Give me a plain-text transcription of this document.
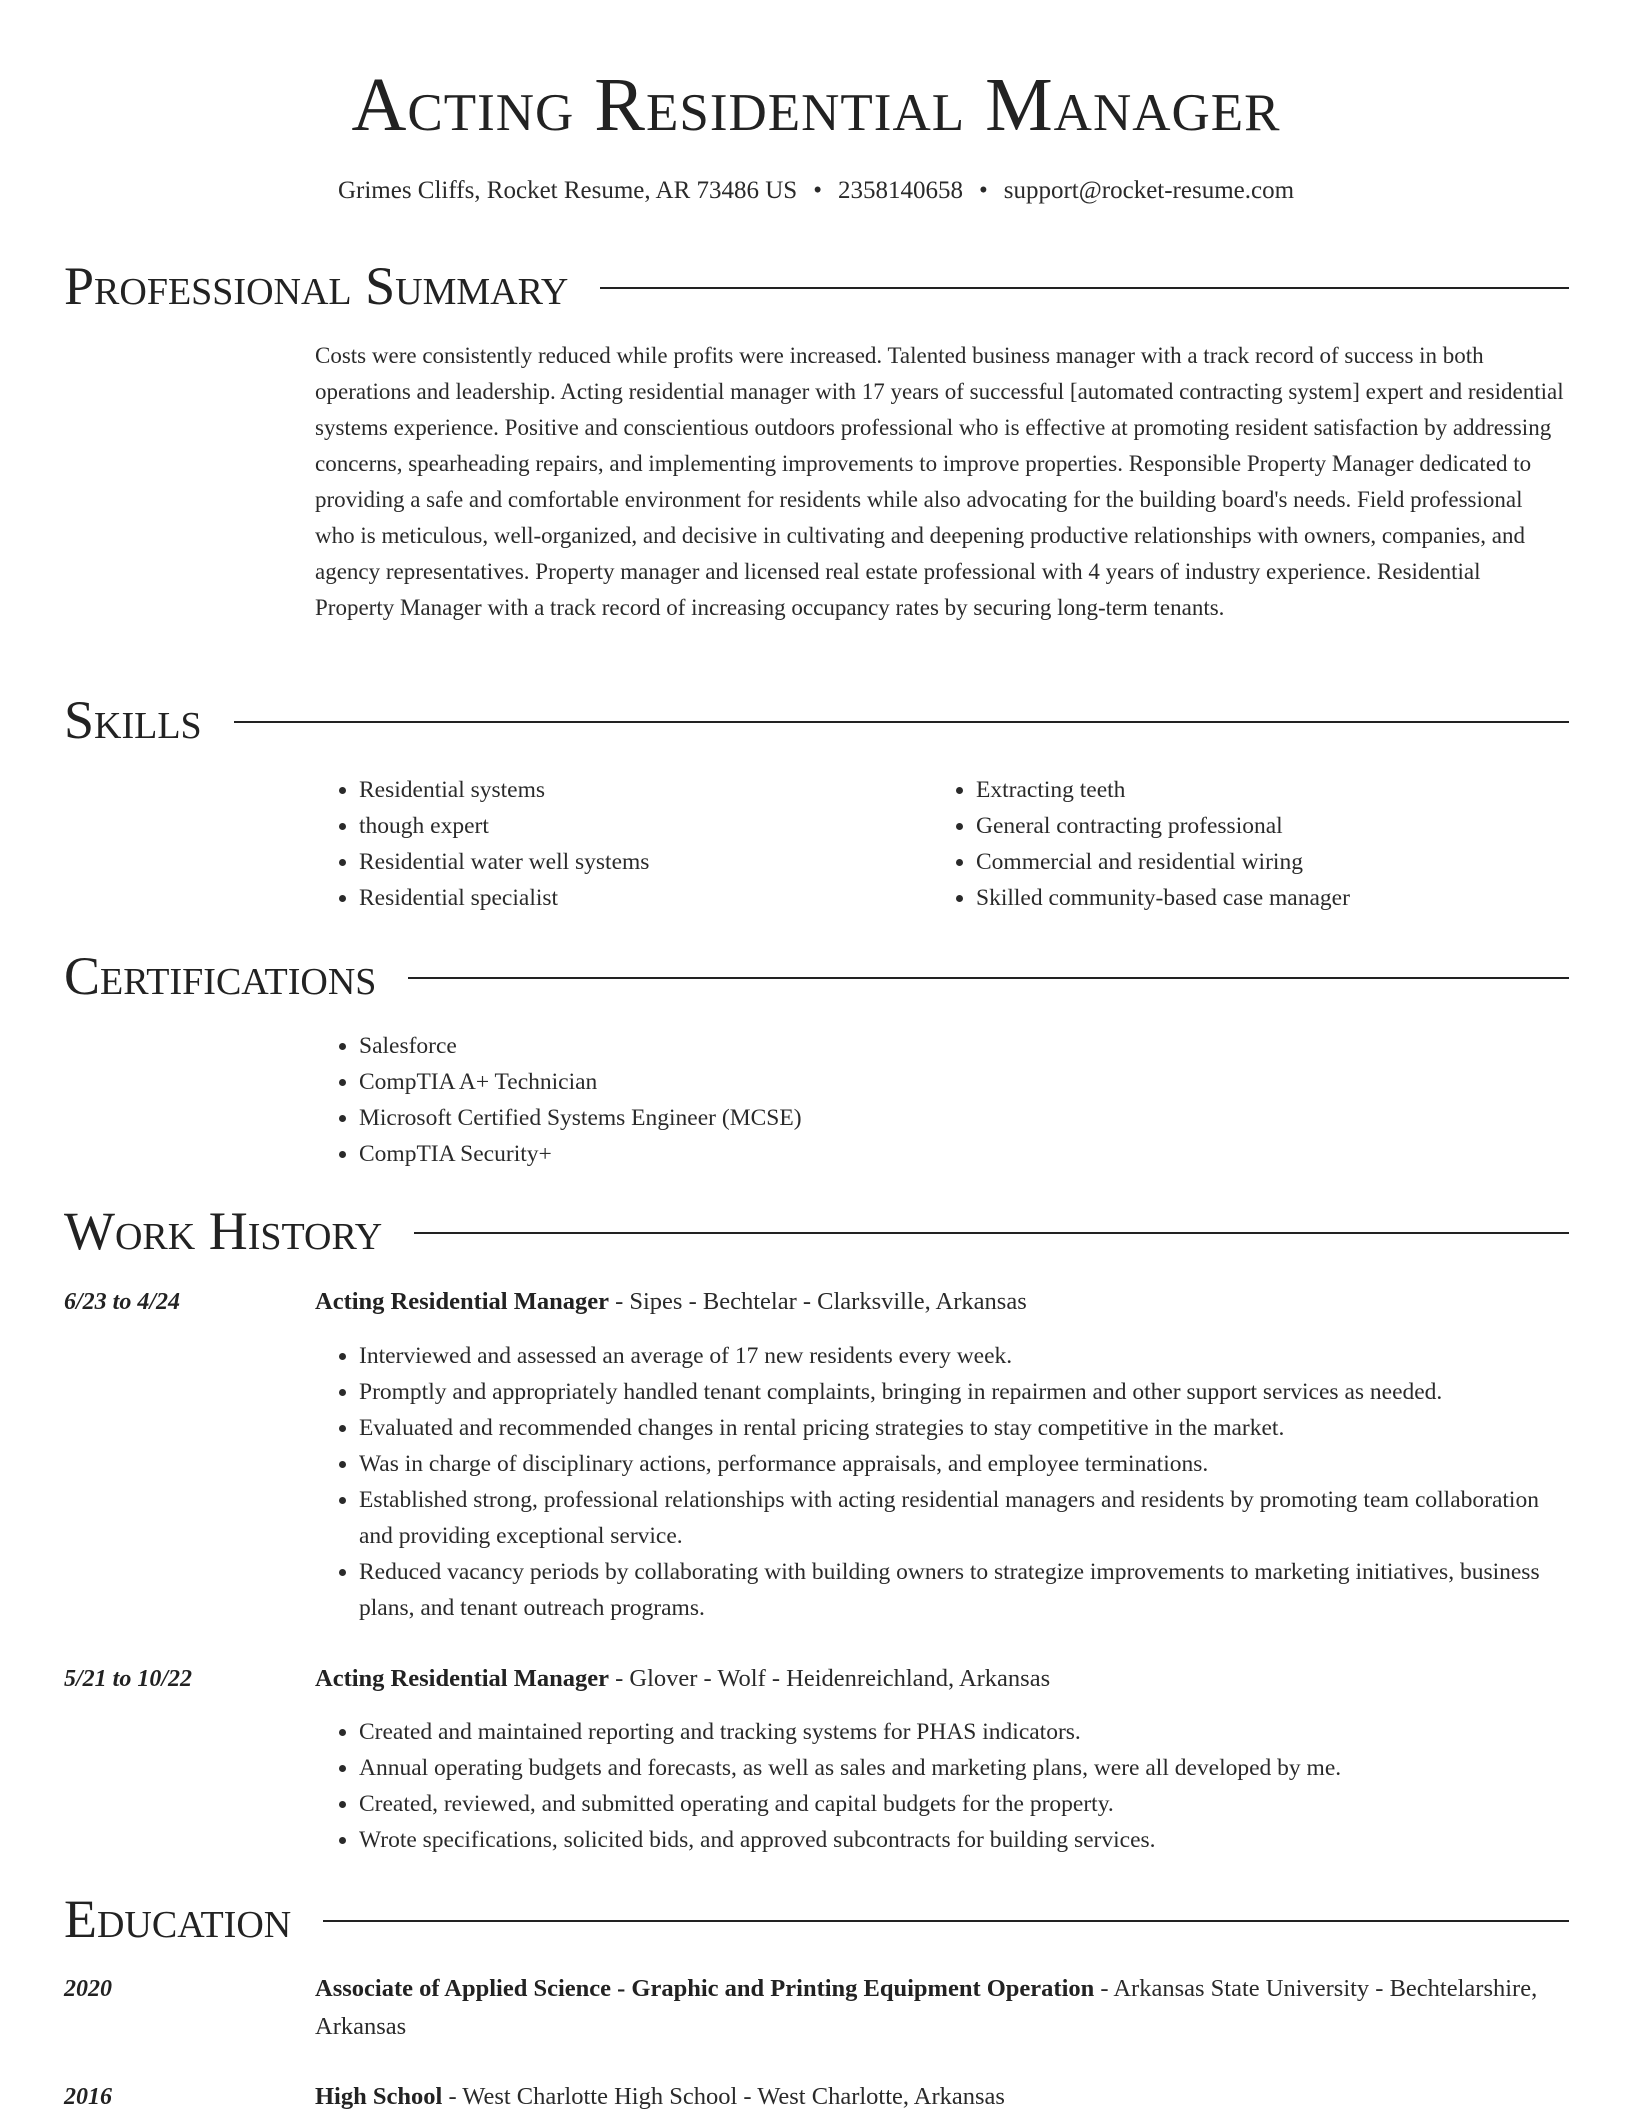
Acting Residential Manager
Grimes Cliffs, Rocket Resume, AR 73486 US • 2358140658 • support@rocket-resume.com
Professional Summary
Costs were consistently reduced while profits were increased. Talented business manager with a track record of success in both operations and leadership. Acting residential manager with 17 years of successful [automated contracting system] expert and residential systems experience. Positive and conscientious outdoors professional who is effective at promoting resident satisfaction by addressing concerns, spearheading repairs, and implementing improvements to improve properties. Responsible Property Manager dedicated to providing a safe and comfortable environment for residents while also advocating for the building board's needs. Field professional who is meticulous, well-organized, and decisive in cultivating and deepening productive relationships with owners, companies, and agency representatives. Property manager and licensed real estate professional with 4 years of industry experience. Residential Property Manager with a track record of increasing occupancy rates by securing long-term tenants.
Skills
• Residential systems
• though expert
• Residential water well systems
• Residential specialist
• Extracting teeth
• General contracting professional
• Commercial and residential wiring
• Skilled community-based case manager
Certifications
• Salesforce
• CompTIA A+ Technician
• Microsoft Certified Systems Engineer (MCSE)
• CompTIA Security+
Work History
6/23 to 4/24	Acting Residential Manager - Sipes - Bechtelar - Clarksville, Arkansas
• Interviewed and assessed an average of 17 new residents every week.
• Promptly and appropriately handled tenant complaints, bringing in repairmen and other support services as needed.
• Evaluated and recommended changes in rental pricing strategies to stay competitive in the market.
• Was in charge of disciplinary actions, performance appraisals, and employee terminations.
• Established strong, professional relationships with acting residential managers and residents by promoting team collaboration and providing exceptional service.
• Reduced vacancy periods by collaborating with building owners to strategize improvements to marketing initiatives, business plans, and tenant outreach programs.
5/21 to 10/22	Acting Residential Manager - Glover - Wolf - Heidenreichland, Arkansas
• Created and maintained reporting and tracking systems for PHAS indicators.
• Annual operating budgets and forecasts, as well as sales and marketing plans, were all developed by me.
• Created, reviewed, and submitted operating and capital budgets for the property.
• Wrote specifications, solicited bids, and approved subcontracts for building services.
Education
2020	Associate of Applied Science - Graphic and Printing Equipment Operation - Arkansas State University - Bechtelarshire, Arkansas
2016	High School - West Charlotte High School - West Charlotte, Arkansas
